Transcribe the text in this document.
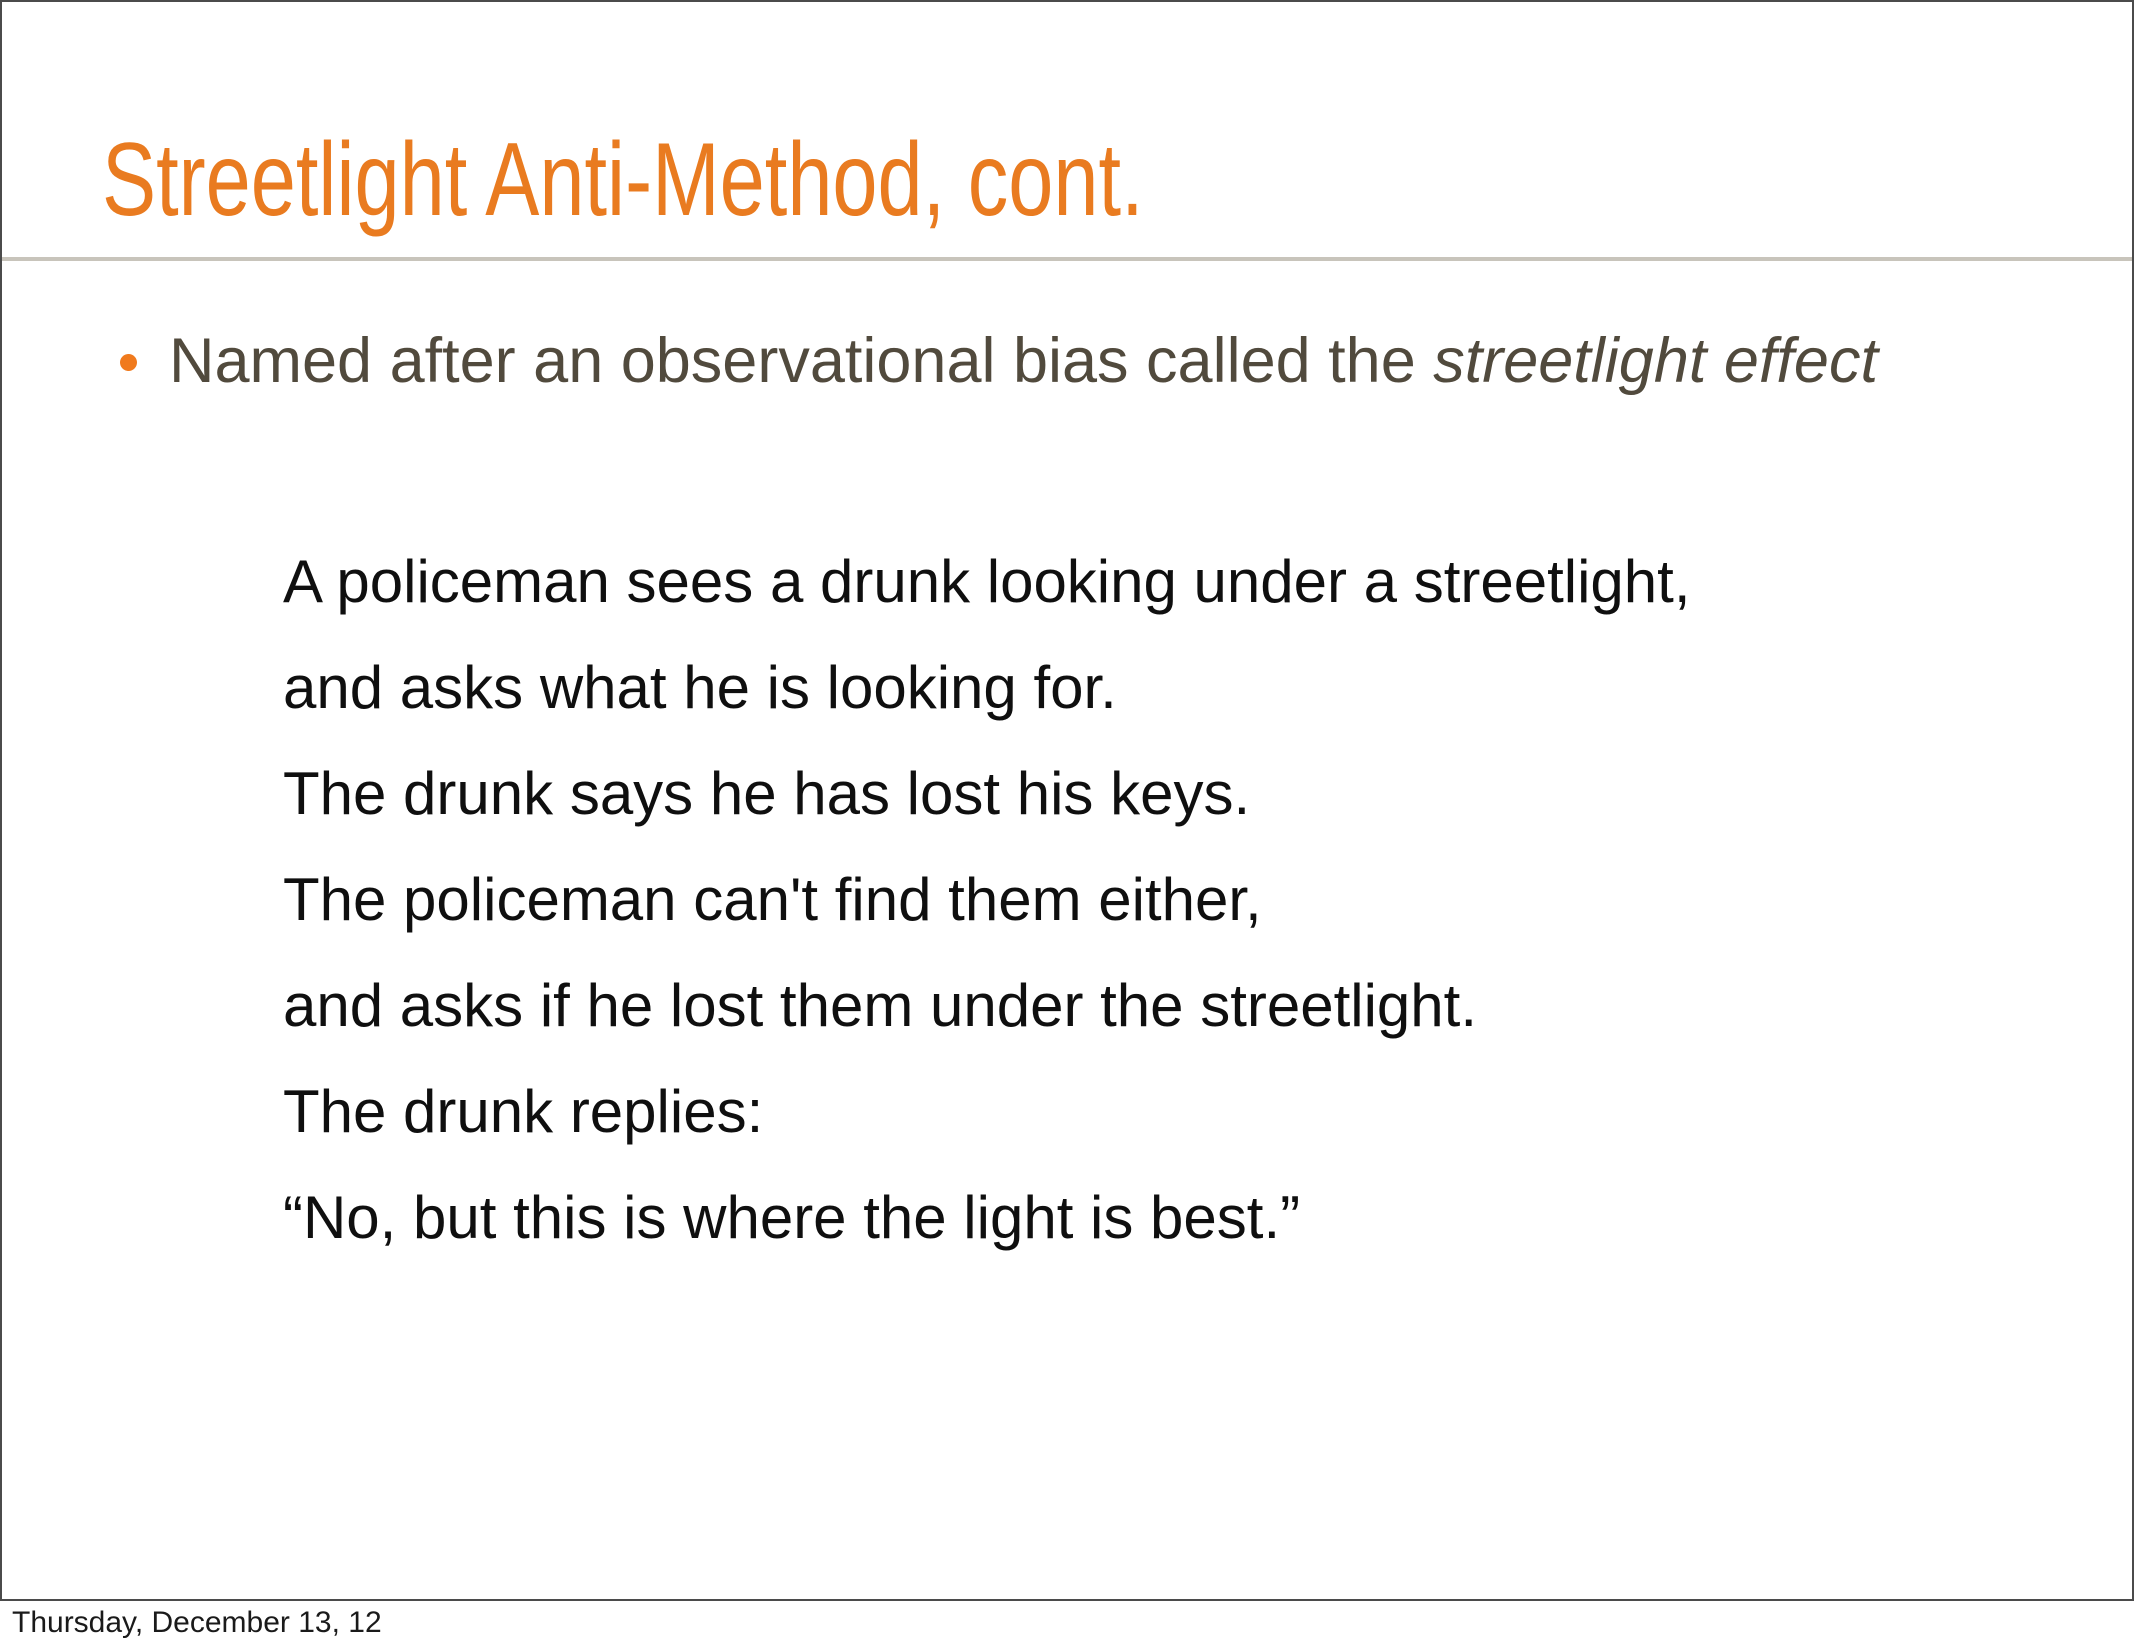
Streetlight Anti-Method, cont.
Named after an observational bias called the streetlight effect
A policeman sees a drunk looking under a streetlight,
and asks what he is looking for.
The drunk says he has lost his keys.
The policeman can't find them either,
and asks if he lost them under the streetlight.
The drunk replies:
“No, but this is where the light is best.”
Thursday, December 13, 12
